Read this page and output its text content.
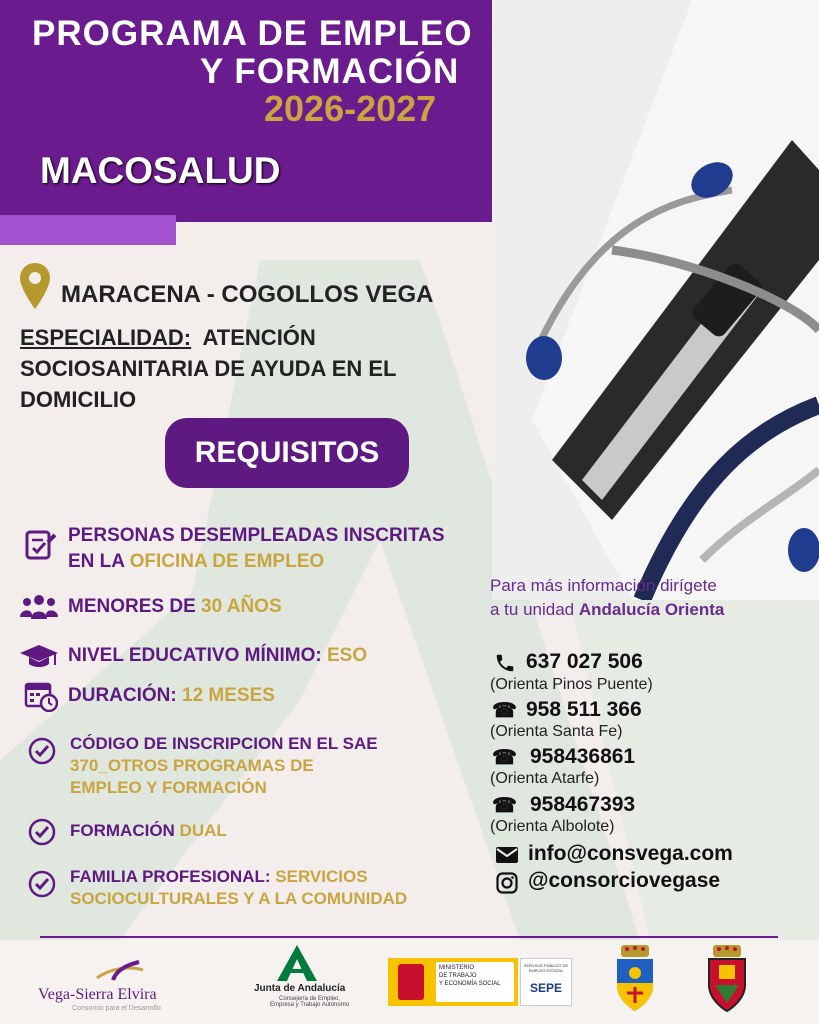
PROGRAMA DE EMPLEO
Y FORMACIÓN
2026-2027
MACOSALUD
MARACENA - COGOLLOS VEGA
ESPECIALIDAD: ATENCIÓN
SOCIOSANITARIA DE AYUDA EN EL
DOMICILIO
REQUISITOS
PERSONAS DESEMPLEADAS INSCRITAS
EN LA OFICINA DE EMPLEO
MENORES DE 30 AÑOS
NIVEL EDUCATIVO MÍNIMO: ESO
DURACIÓN: 12 MESES
CÓDIGO DE INSCRIPCION EN EL SAE
370_OTROS PROGRAMAS DE
EMPLEO Y FORMACIÓN
FORMACIÓN DUAL
FAMILIA PROFESIONAL: SERVICIOS
SOCIOCULTURALES Y A LA COMUNIDAD
Para más información dirígete
a tu unidad Andalucía Orienta
637 027 506
(Orienta Pinos Puente)
☎ 958 511 366
(Orienta Santa Fe)
☎ 958436861
(Orienta Atarfe)
☎ 958467393
(Orienta Albolote)
info@consvega.com
@consorciovegase
Vega-Sierra Elvira
Consorcio para el Desarrollo
Junta de Andalucía
Consejería de Empleo,
Empresa y Trabajo Autónomo
MINISTERIO
DE TRABAJO
Y ECONOMÍA SOCIAL
SERVICIO PÚBLICO DE EMPLEO ESTATAL
SEPE
